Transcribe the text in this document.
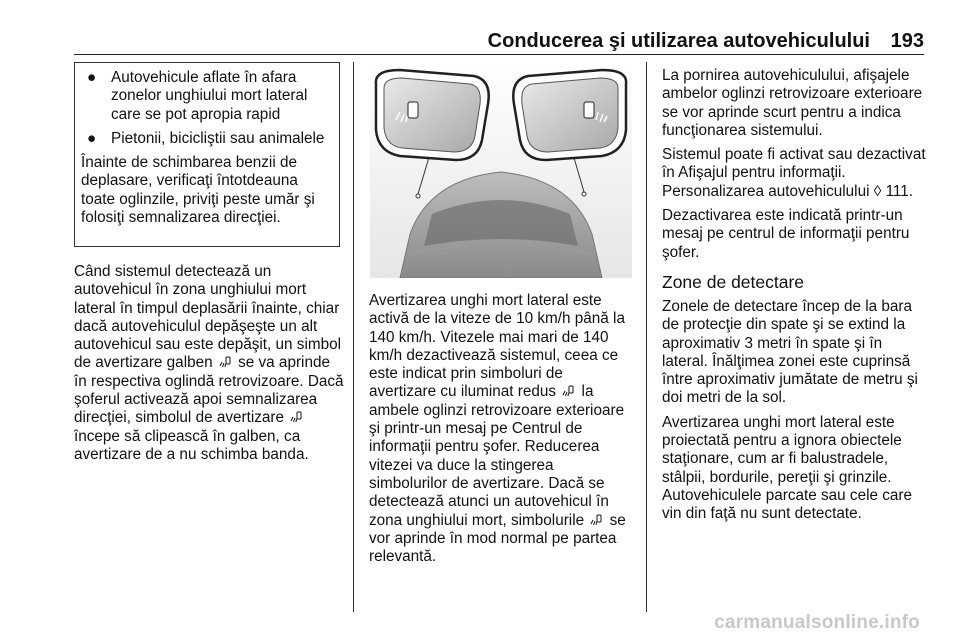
Conducerea şi utilizarea autovehiculului 193
● Autovehicule aflate în afara zonelor unghiului mort lateral care se pot apropia rapid
● Pietonii, bicicliştii sau animalele

Înainte de schimbarea benzii de deplasare, verificaţi întotdeauna toate oglinzile, priviţi peste umăr şi folosiţi semnalizarea direcţiei.

Când sistemul detectează un autovehicul în zona unghiului mort lateral în timpul deplasării înainte, chiar dacă autovehiculul depăşeşte un alt autovehicul sau este depăşit, un simbol de avertizare galben se va aprinde în respectiva oglindă retrovizoare. Dacă şoferul activează apoi semnalizarea direcţiei, simbolul de avertizare  începe să clipească în galben, ca avertizare de a nu schimba banda.

Avertizarea unghi mort lateral este activă de la viteze de 10 km/h până la 140 km/h. Vitezele mai mari de 140 km/h dezactivează sistemul, ceea ce este indicat prin simboluri de avertizare cu iluminat redus la ambele oglinzi retrovizoare exterioare şi printr-un mesaj pe Centrul de informaţii pentru şofer. Reducerea vitezei va duce la stingerea simbolurilor de avertizare. Dacă se detectează atunci un autovehicul în zona unghiului mort, simbolurile se vor aprinde în mod normal pe partea relevantă.

La pornirea autovehiculului, afişajele ambelor oglinzi retrovizoare exterioare se vor aprinde scurt pentru a indica funcţionarea sistemului.

Sistemul poate fi activat sau dezactivat în Afişajul pentru informaţii. Personalizarea autovehiculului ◊ 111.

Dezactivarea este indicată printr-un mesaj pe centrul de informaţii pentru şofer.

Zone de detectare

Zonele de detectare încep de la bara de protecţie din spate şi se extind la aproximativ 3 metri în spate şi în lateral. Înălţimea zonei este cuprinsă între aproximativ jumătate de metru şi doi metri de la sol.

Avertizarea unghi mort lateral este proiectată pentru a ignora obiectele staţionare, cum ar fi balustradele, stâlpii, bordurile, pereţii şi grinzile. Autovehiculele parcate sau cele care vin din faţă nu sunt detectate.

carmanualsonline.info
